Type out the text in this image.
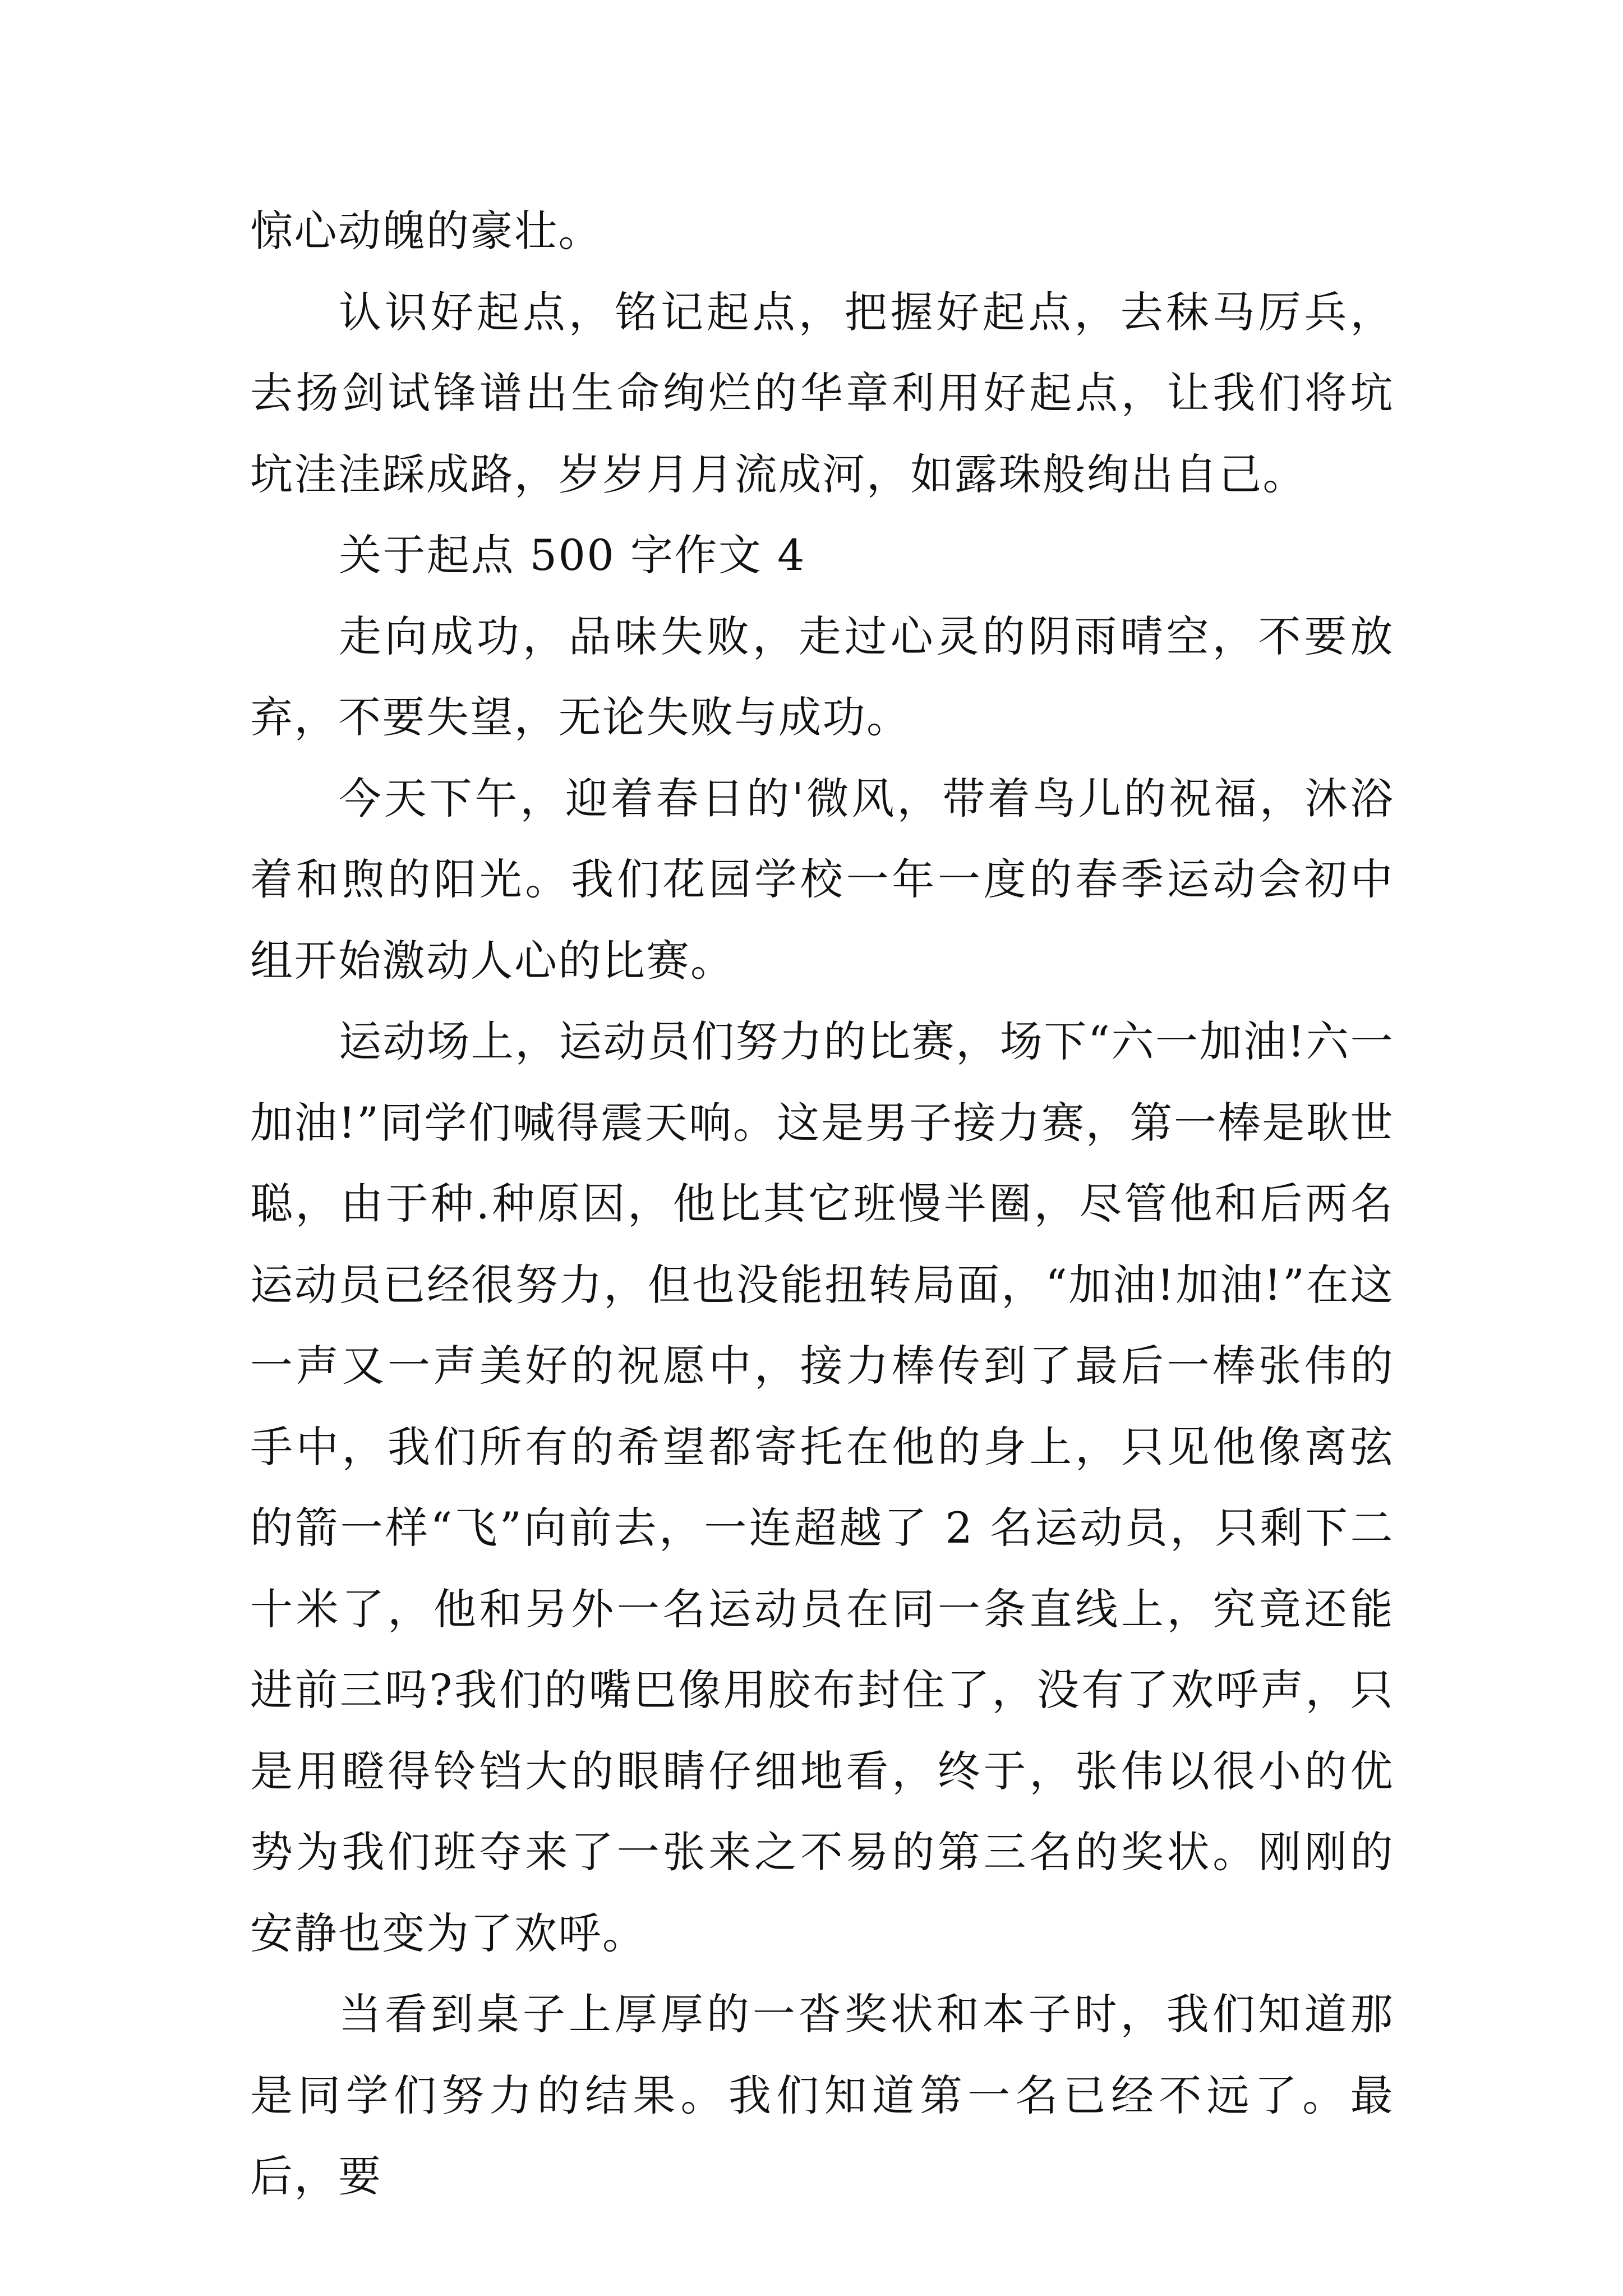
惊心动魄的豪壮。

认识好起点，铭记起点，把握好起点，去秣马厉兵，去扬剑试锋谱出生命绚烂的华章利用好起点，让我们将坑坑洼洼踩成路，岁岁月月流成河，如露珠般绚出自己。

关于起点 500 字作文 4

走向成功，品味失败，走过心灵的阴雨晴空，不要放弃，不要失望，无论失败与成功。

今天下午，迎着春日的'微风，带着鸟儿的祝福，沐浴着和煦的阳光。我们花园学校一年一度的春季运动会初中组开始激动人心的比赛。

运动场上，运动员们努力的比赛，场下“六一加油!六一加油!”同学们喊得震天响。这是男子接力赛，第一棒是耿世聪，由于种.种原因，他比其它班慢半圈，尽管他和后两名运动员已经很努力，但也没能扭转局面，“加油!加油!”在这一声又一声美好的祝愿中，接力棒传到了最后一棒张伟的手中，我们所有的希望都寄托在他的身上，只见他像离弦的箭一样“飞”向前去，一连超越了 2 名运动员，只剩下二十米了，他和另外一名运动员在同一条直线上，究竟还能进前三吗?我们的嘴巴像用胶布封住了，没有了欢呼声，只是用瞪得铃铛大的眼睛仔细地看，终于，张伟以很小的优势为我们班夺来了一张来之不易的第三名的奖状。刚刚的安静也变为了欢呼。

当看到桌子上厚厚的一沓奖状和本子时，我们知道那是同学们努力的结果。我们知道第一名已经不远了。最后，要
